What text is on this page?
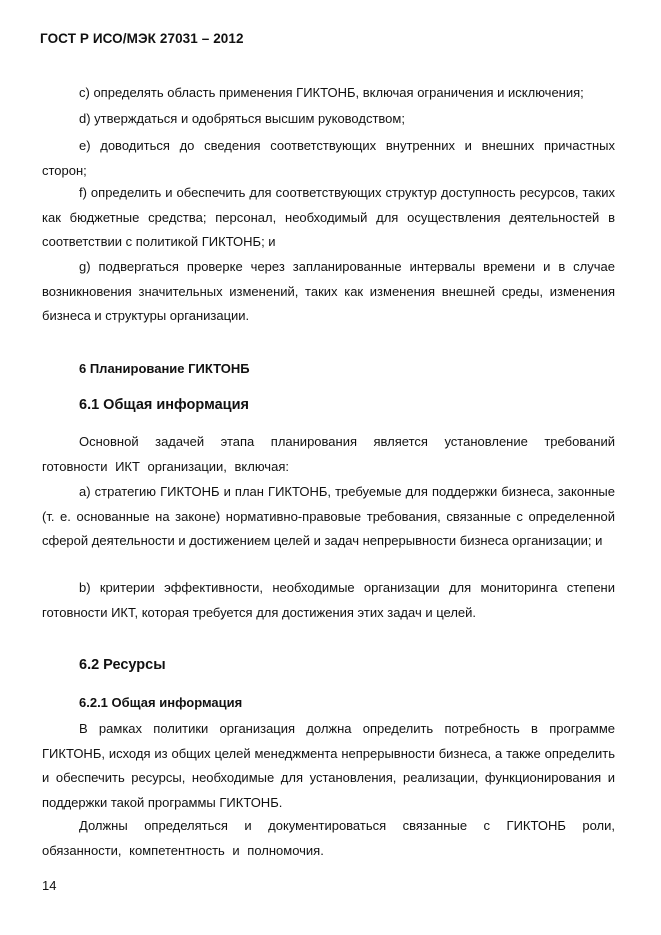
ГОСТ Р ИСО/МЭК 27031 – 2012

c) определять область применения ГИКТОНБ, включая ограничения и исключения;

d) утверждаться и одобряться высшим руководством;

e) доводиться до сведения соответствующих внутренних и внешних причастных сторон;

f) определить и обеспечить для соответствующих структур доступность ресурсов, таких как бюджетные средства; персонал, необходимый для осуществления деятельностей в соответствии с политикой ГИКТОНБ; и

g) подвергаться проверке через запланированные интервалы времени и в случае возникновения значительных изменений, таких как изменения внешней среды, изменения бизнеса и структуры организации.

6 Планирование ГИКТОНБ
6.1 Общая информация

Основной задачей этапа планирования является установление требований готовности ИКТ организации, включая:

a) стратегию ГИКТОНБ и план ГИКТОНБ, требуемые для поддержки бизнеса, законные (т. е. основанные на законе) нормативно-правовые требования, связанные с определенной сферой деятельности и достижением целей и задач непрерывности бизнеса организации; и

b) критерии эффективности, необходимые организации для мониторинга степени готовности ИКТ, которая требуется для достижения этих задач и целей.

6.2 Ресурсы
6.2.1 Общая информация

В рамках политики организация должна определить потребность в программе ГИКТОНБ, исходя из общих целей менеджмента непрерывности бизнеса, а также определить и обеспечить ресурсы, необходимые для установления, реализации, функционирования и поддержки такой программы ГИКТОНБ.

Должны определяться и документироваться связанные с ГИКТОНБ роли, обязанности, компетентность и полномочия.

14
